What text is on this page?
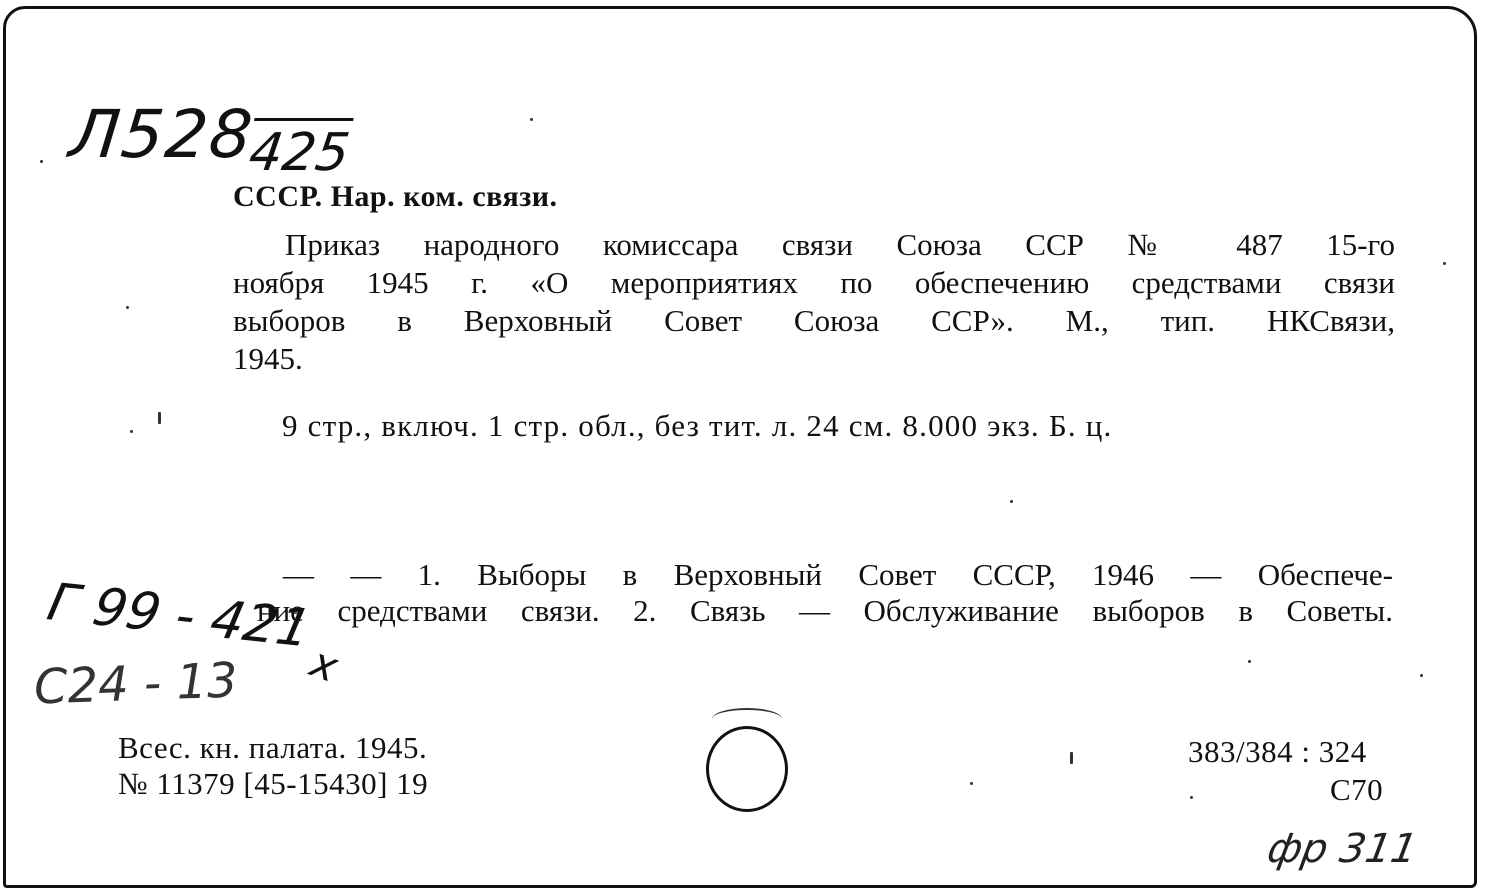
Л528
425
СССР. Нар. ком. связи.
Приказ народного комиссара связи Союза ССР № 487 15-го
ноября 1945 г. «О мероприятиях по обеспечению средствами связи
выборов в Верховный Совет Союза ССР». М., тип. НКСвязи,
1945.
9 стр., включ. 1 стр. обл., без тит. л. 24 см. 8.000 экз. Б. ц.
— — 1. Выборы в Верховный Совет СССР, 1946 — Обеспече-
ние средствами связи. 2. Связь — Обслуживание выборов в Советы.
Г 99 - 421
C24 - 13 х
Всес. кн. палата. 1945.
№ 11379 [45-15430] 19
383/384 : 324
С70
фр 311
